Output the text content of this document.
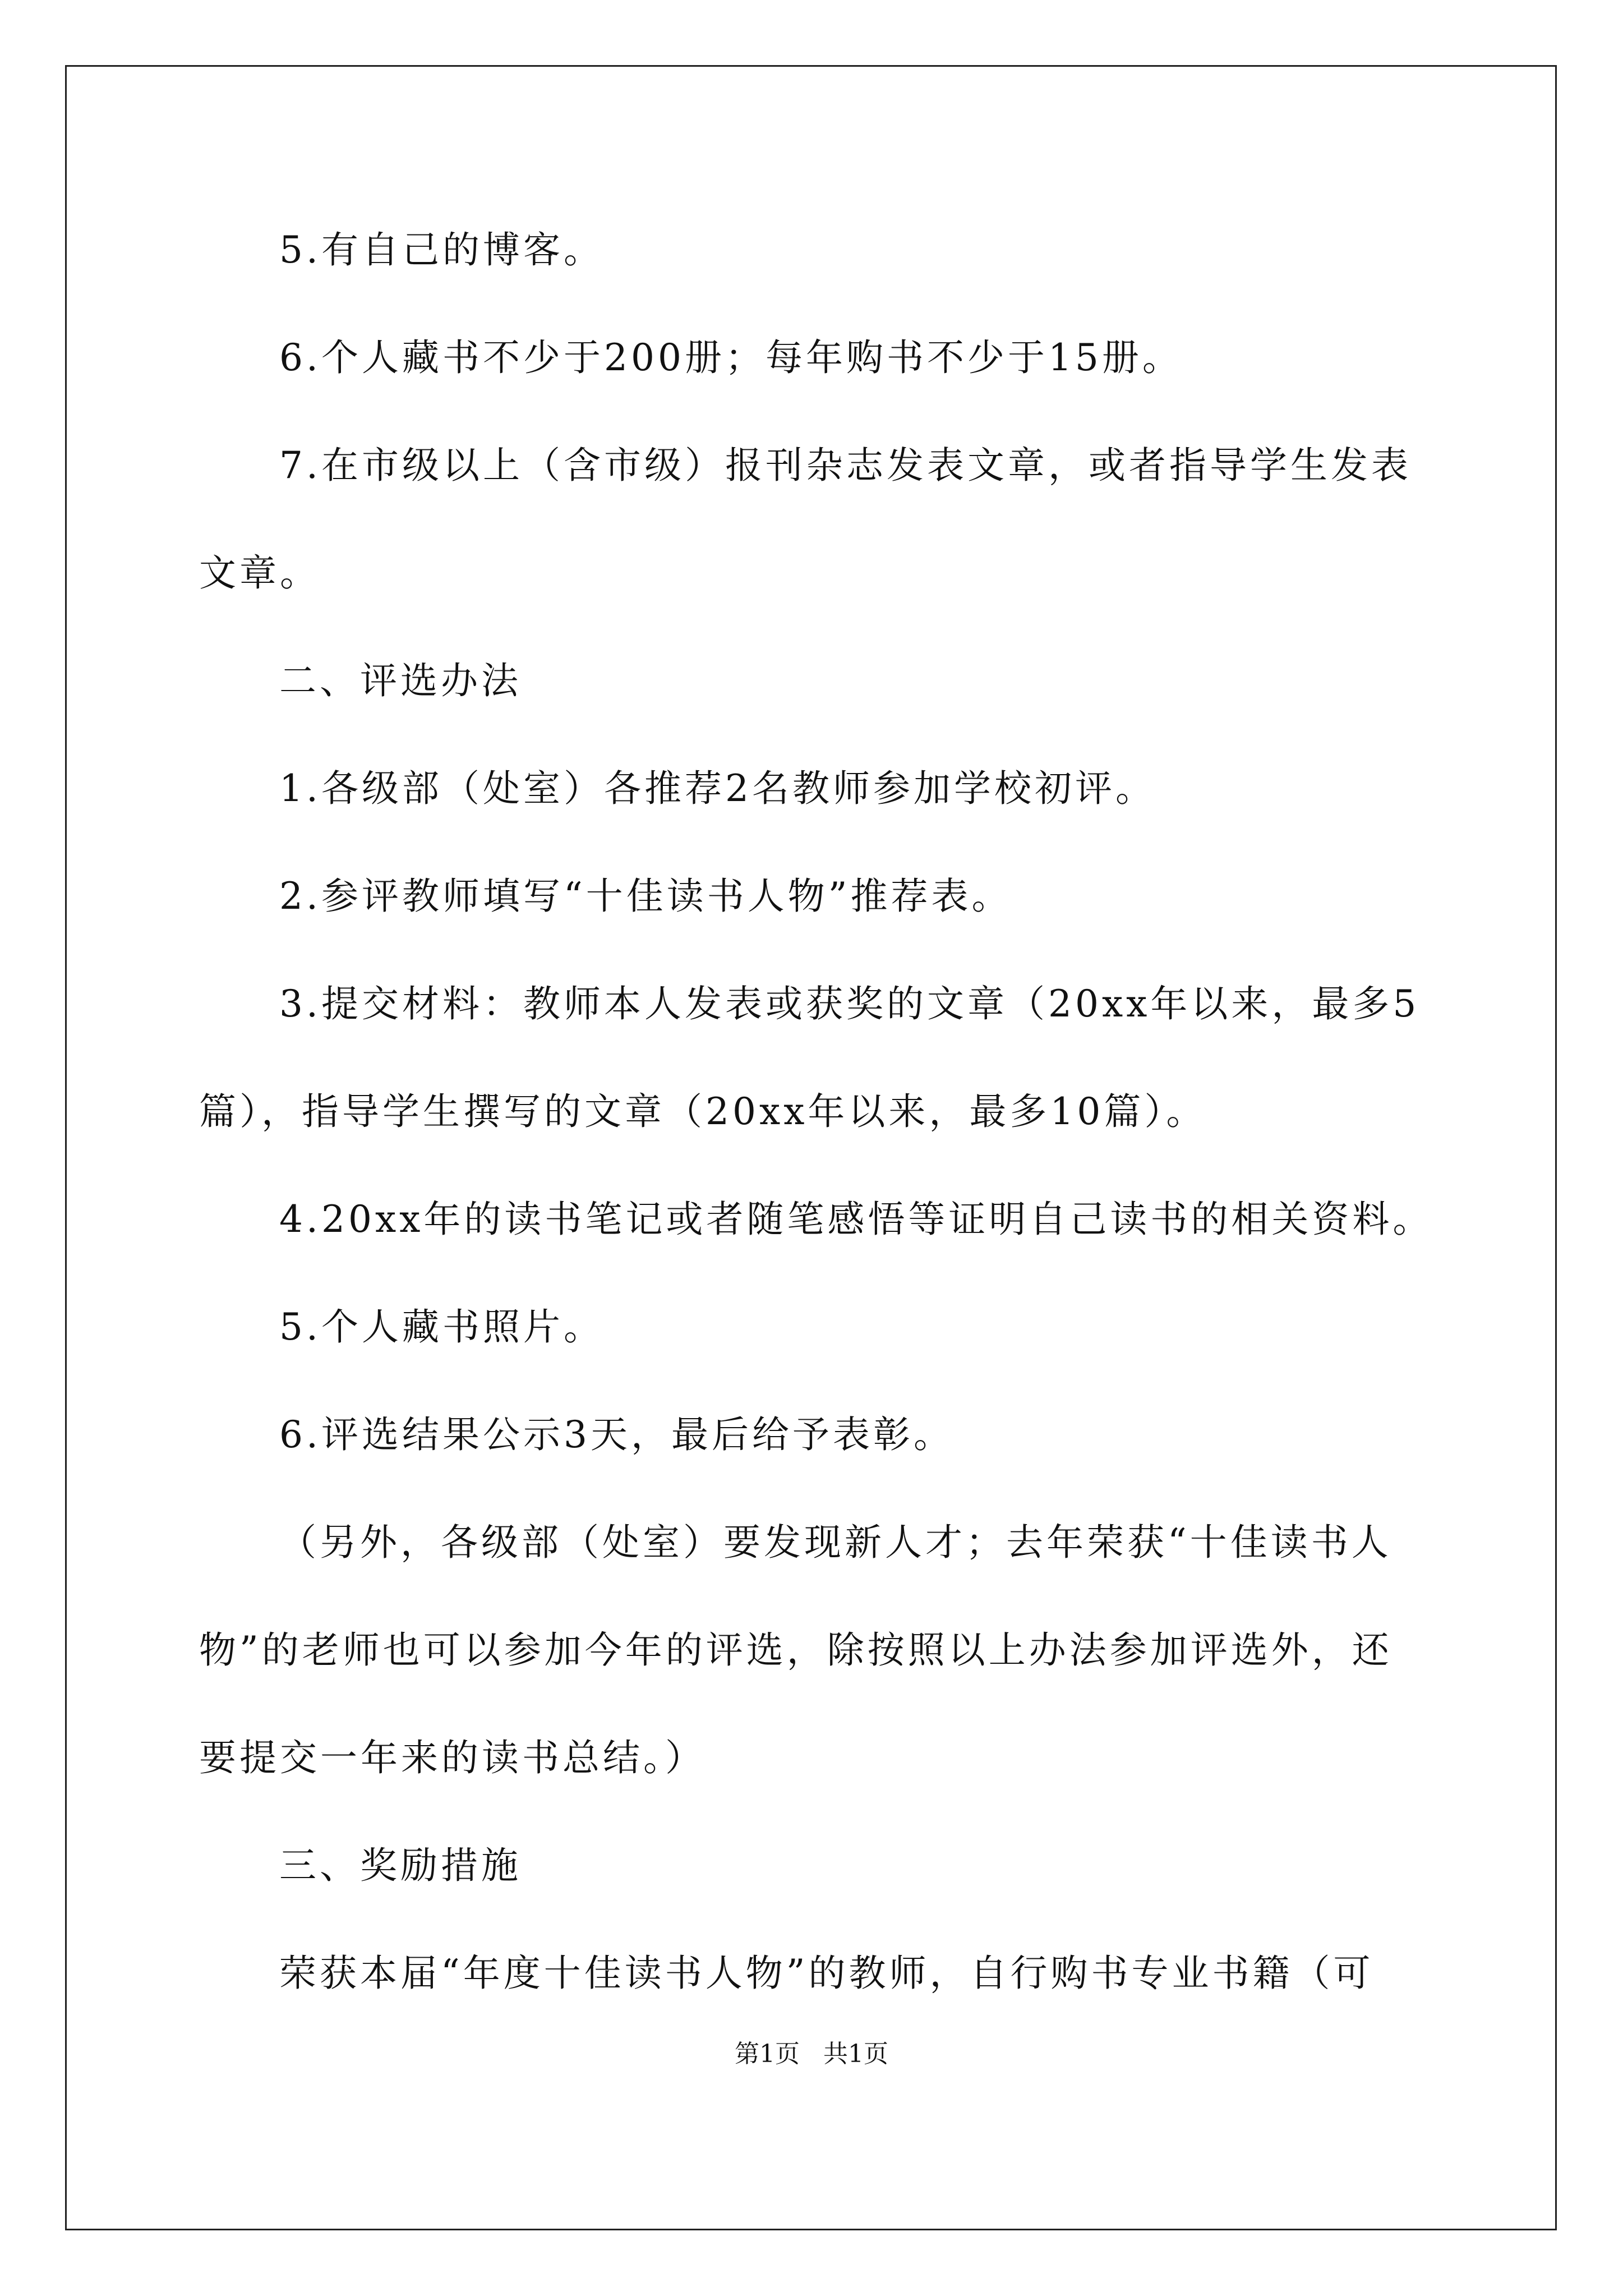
5.有自己的博客。
6.个人藏书不少于200册；每年购书不少于15册。
7.在市级以上（含市级）报刊杂志发表文章，或者指导学生发表
文章。
二、评选办法
1.各级部（处室）各推荐2名教师参加学校初评。
2.参评教师填写“十佳读书人物”推荐表。
3.提交材料：教师本人发表或获奖的文章（20xx年以来，最多5
篇），指导学生撰写的文章（20xx年以来，最多10篇）。
4.20xx年的读书笔记或者随笔感悟等证明自己读书的相关资料。
5.个人藏书照片。
6.评选结果公示3天，最后给予表彰。
（另外，各级部（处室）要发现新人才；去年荣获“十佳读书人
物”的老师也可以参加今年的评选，除按照以上办法参加评选外，还
要提交一年来的读书总结。）
三、奖励措施
荣获本届“年度十佳读书人物”的教师，自行购书专业书籍（可
第1页   共1页
